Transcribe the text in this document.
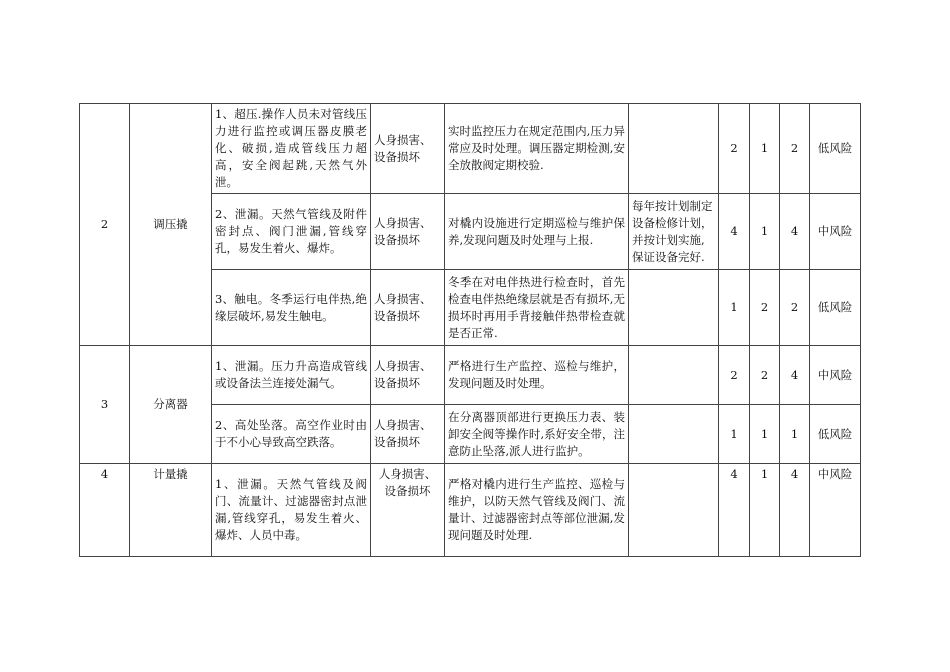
2	调压撬	1、超压.操作人员未对管线压力进行监控或调压器皮膜老化、破损,造成管线压力超高，安全阀起跳,天然气外泄。	人身损害、设备损坏	实时监控压力在规定范围内,压力异常应及时处理。调压器定期检测,安全放散阀定期校验.		2	1	2	低风险
		2、泄漏。天然气管线及附件密封点、阀门泄漏,管线穿孔，易发生着火、爆炸。	人身损害、设备损坏	对橇内设施进行定期巡检与维护保养,发现问题及时处理与上报.	每年按计划制定设备检修计划，并按计划实施,保证设备完好.	4	1	4	中风险
		3、触电。冬季运行电伴热,绝缘层破坏,易发生触电。	人身损害、设备损坏	冬季在对电伴热进行检查时，首先检查电伴热绝缘层就是否有损坏,无损坏时再用手背接触伴热带检查就是否正常.		1	2	2	低风险
3	分离器	1、泄漏。压力升高造成管线或设备法兰连接处漏气。	人身损害、设备损坏	严格进行生产监控、巡检与维护，发现问题及时处理。		2	2	4	中风险
		2、高处坠落。高空作业时由于不小心导致高空跌落。	人身损害、设备损坏	在分离器顶部进行更换压力表、装卸安全阀等操作时,系好安全带，注意防止坠落,派人进行监护。		1	1	1	低风险
4	计量撬	1、泄漏。天然气管线及阀门、流量计、过滤器密封点泄漏,管线穿孔，易发生着火、爆炸、人员中毒。	人身损害、设备损坏	严格对橇内进行生产监控、巡检与维护，以防天然气管线及阀门、流量计、过滤器密封点等部位泄漏,发现问题及时处理.		4	1	4	中风险
